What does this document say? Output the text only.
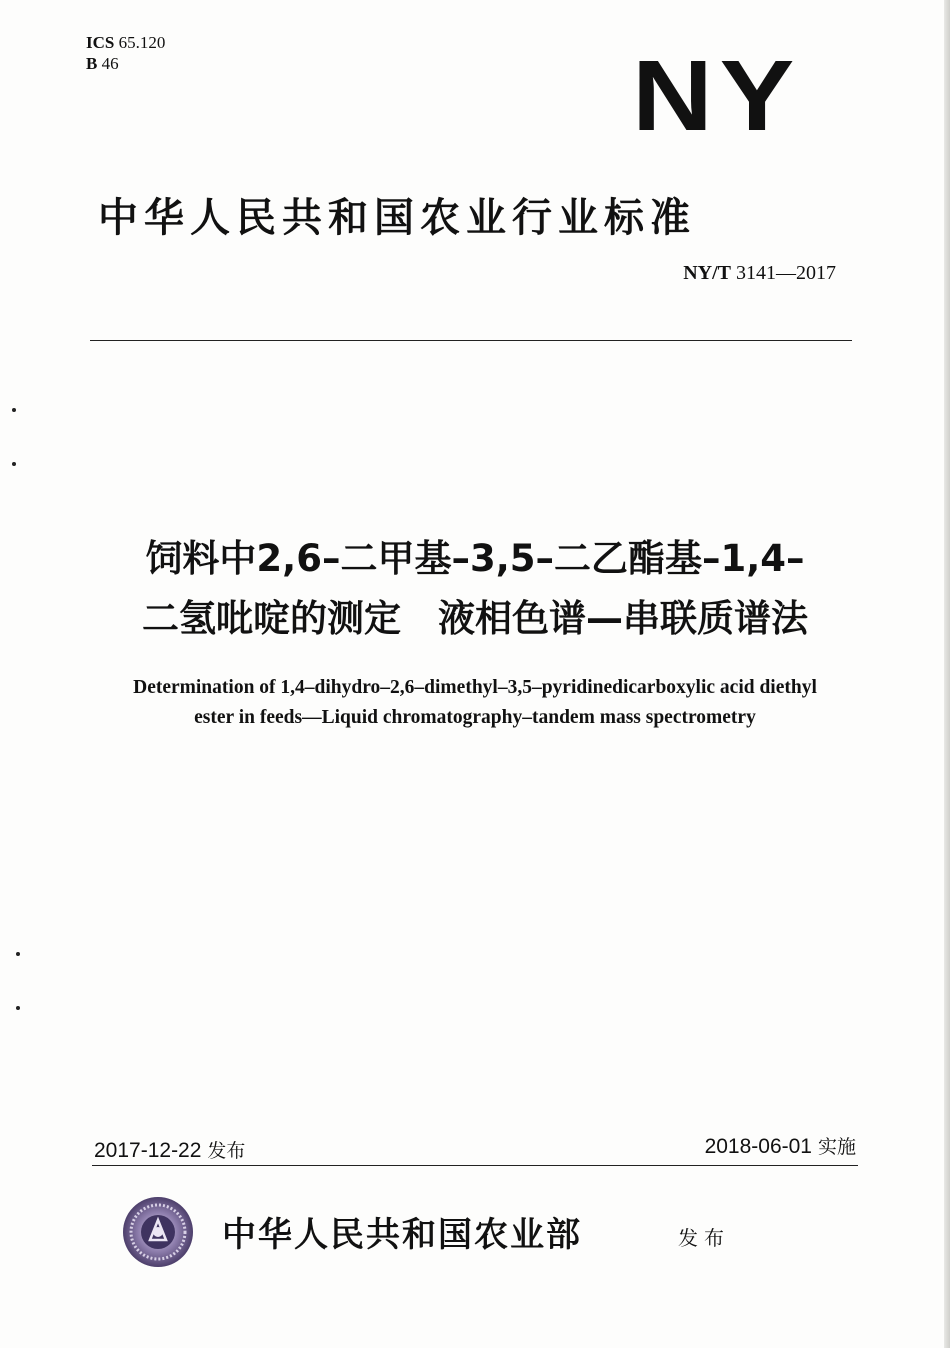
ICS 65.120
B 46	NY
中华人民共和国农业行业标准
NY/T 3141—2017
饲料中2,6–二甲基–3,5–二乙酯基–1,4–
二氢吡啶的测定　液相色谱—串联质谱法
Determination of 1,4–dihydro–2,6–dimethyl–3,5–pyridinedicarboxylic acid diethyl
ester in feeds—Liquid chromatography–tandem mass spectrometry
2017-12-22 发布	2018-06-01 实施
中华人民共和国农业部	发布
